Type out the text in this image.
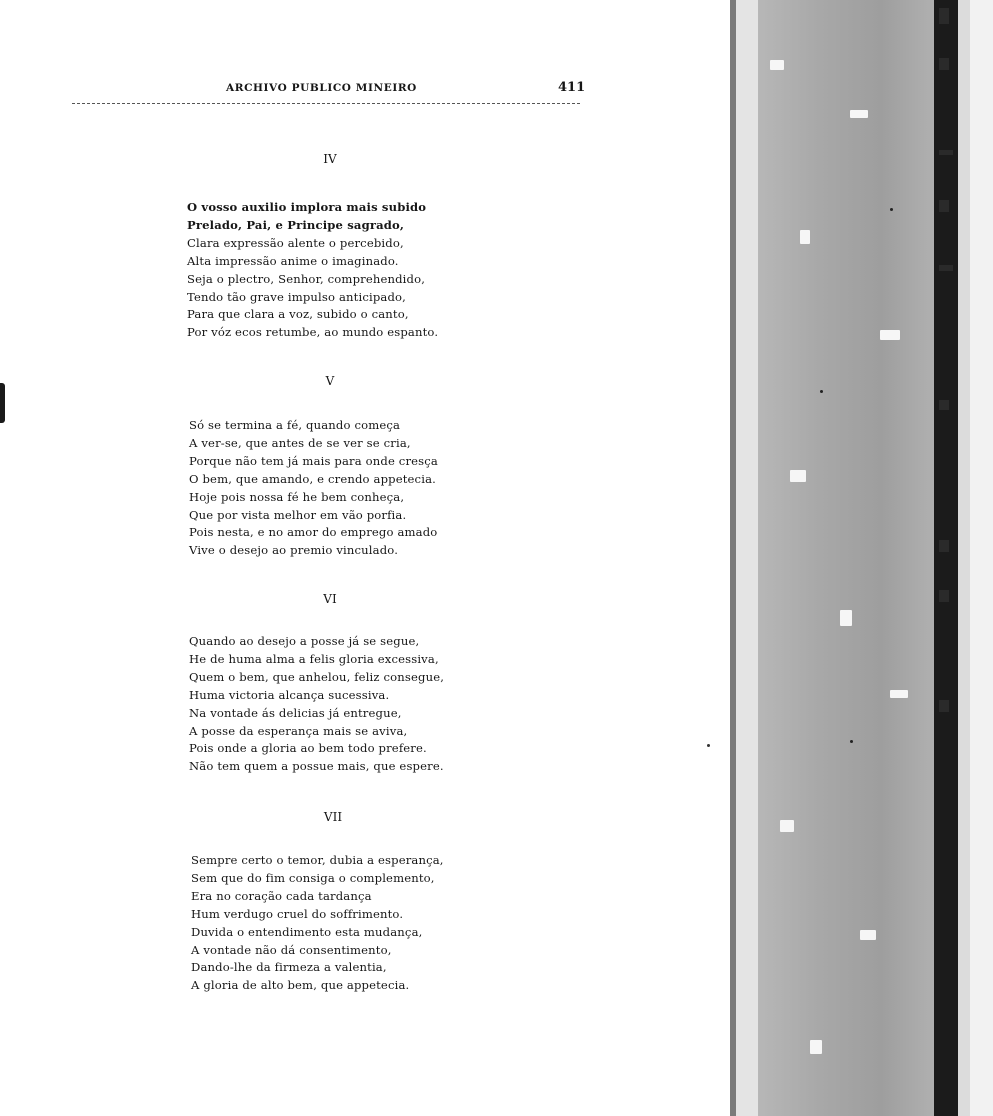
ARCHIVO PUBLICO MINEIRO	411
IV
O vosso auxilio implora mais subido
Prelado, Pai, e Principe sagrado,
Clara expressão alente o percebido,
Alta impressão anime o imaginado.
Seja o plectro, Senhor, comprehendido,
Tendo tão grave impulso anticipado,
Para que clara a voz, subido o canto,
Por vóz ecos retumbe, ao mundo espanto.
V
Só se termina a fé, quando começa
A ver-se, que antes de se ver se cria,
Porque não tem já mais para onde cresça
O bem, que amando, e crendo appetecia.
Hoje pois nossa fé he bem conheça,
Que por vista melhor em vão porfia.
Pois nesta, e no amor do emprego amado
Vive o desejo ao premio vinculado.
VI
Quando ao desejo a posse já se segue,
He de huma alma a felis gloria excessiva,
Quem o bem, que anhelou, feliz consegue,
Huma victoria alcança sucessiva.
Na vontade ás delicias já entregue,
A posse da esperança mais se aviva,
Pois onde a gloria ao bem todo prefere.
Não tem quem a possue mais, que espere.
VII
Sempre certo o temor, dubia a esperança,
Sem que do fim consiga o complemento,
Era no coração cada tardança
Hum verdugo cruel do soffrimento.
Duvida o entendimento esta mudança,
A vontade não dá consentimento,
Dando-lhe da firmeza a valentia,
A gloria de alto bem, que appetecia.
